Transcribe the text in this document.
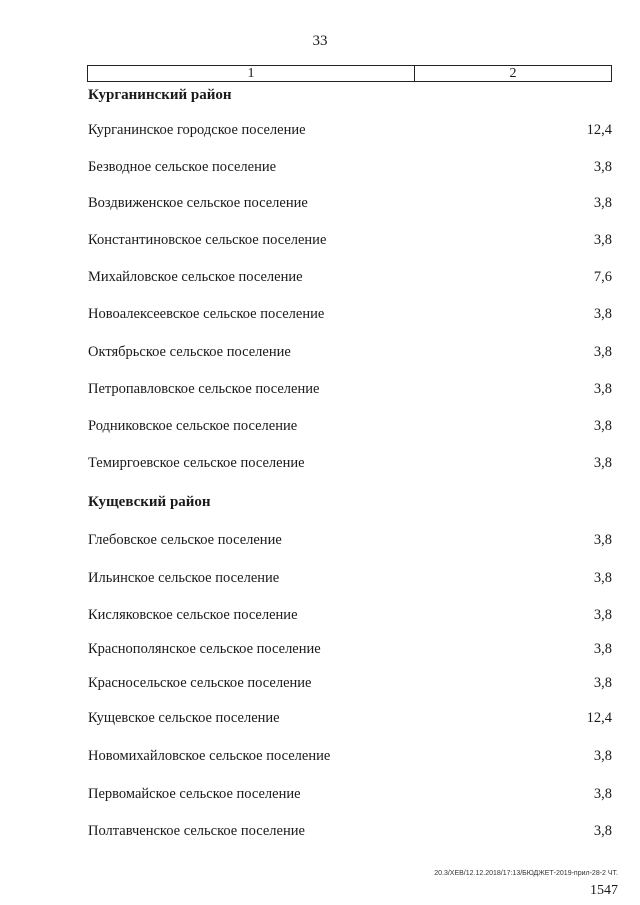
33
1	2
Курганинский район
Курганинское городское поселение	12,4
Безводное сельское поселение	3,8
Воздвиженское сельское поселение	3,8
Константиновское сельское поселение	3,8
Михайловское сельское поселение	7,6
Новоалексеевское сельское поселение	3,8
Октябрьское сельское поселение	3,8
Петропавловское сельское поселение	3,8
Родниковское сельское поселение	3,8
Темиргоевское сельское поселение	3,8
Кущевский район
Глебовское сельское поселение	3,8
Ильинское сельское поселение	3,8
Кисляковское сельское поселение	3,8
Краснополянское сельское поселение	3,8
Красносельское сельское поселение	3,8
Кущевское сельское поселение	12,4
Новомихайловское сельское поселение	3,8
Первомайское сельское поселение	3,8
Полтавченское сельское поселение	3,8
20.3/ХЕВ/12.12.2018/17:13/БЮДЖЕТ-2019-прил-28-2 ЧТ.
1547
